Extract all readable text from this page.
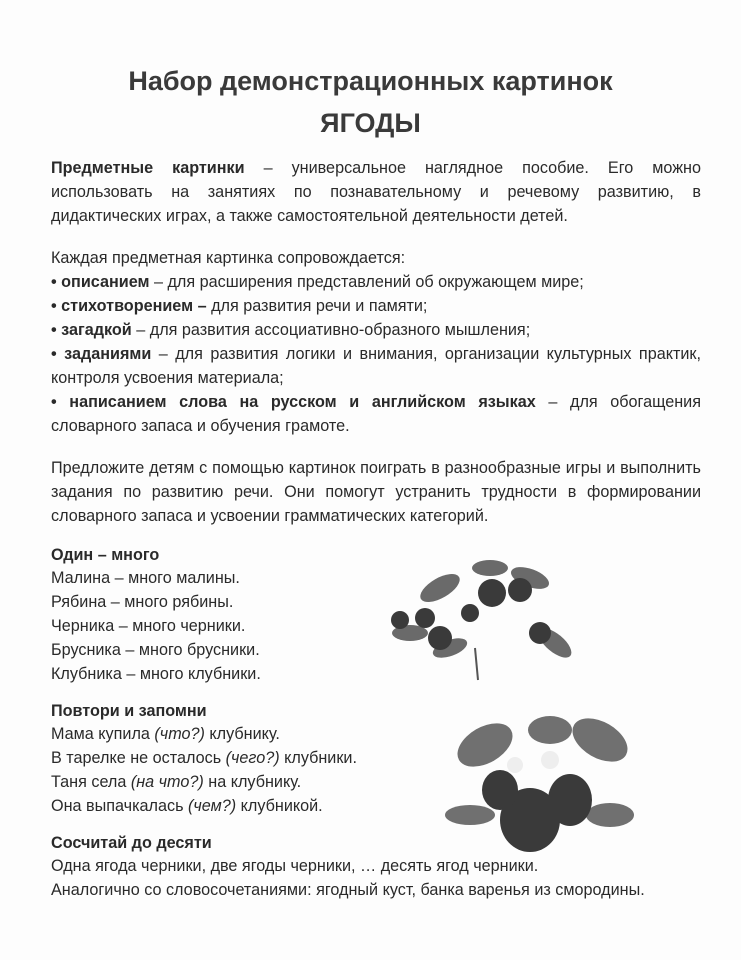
Набор демонстрационных картинок
ЯГОДЫ

Предметные картинки – универсальное наглядное пособие. Его можно использовать на занятиях по познавательному и речевому развитию, в дидактических играх, а также самостоятельной деятельности детей.

Каждая предметная картинка сопровождается:

• описанием – для расширения представлений об окружающем мире;
• стихотворением – для развития речи и памяти;
• загадкой – для развития ассоциативно-образного мышления;
• заданиями – для развития логики и внимания, организации культурных практик, контроля усвоения материала;
• написанием слова на русском и английском языках – для обогащения словарного запаса и обучения грамоте.

Предложите детям с помощью картинок поиграть в разнообразные игры и выполнить задания по развитию речи. Они помогут устранить трудности в формировании словарного запаса и усвоении грамматических категорий.

Один – много
Малина – много малины.
Рябина – много рябины.
Черника – много черники.
Брусника – много брусники.
Клубника – много клубники.
Повтори и запомни
Мама купила (что?) клубнику.
В тарелке не осталось (чего?) клубники.
Таня села (на что?) на клубнику.
Она выпачкалась (чем?) клубникой.
Сосчитай до десяти
Одна ягода черники, две ягоды черники, … десять ягод черники.
Аналогично со словосочетаниями: ягодный куст, банка варенья из смородины.
